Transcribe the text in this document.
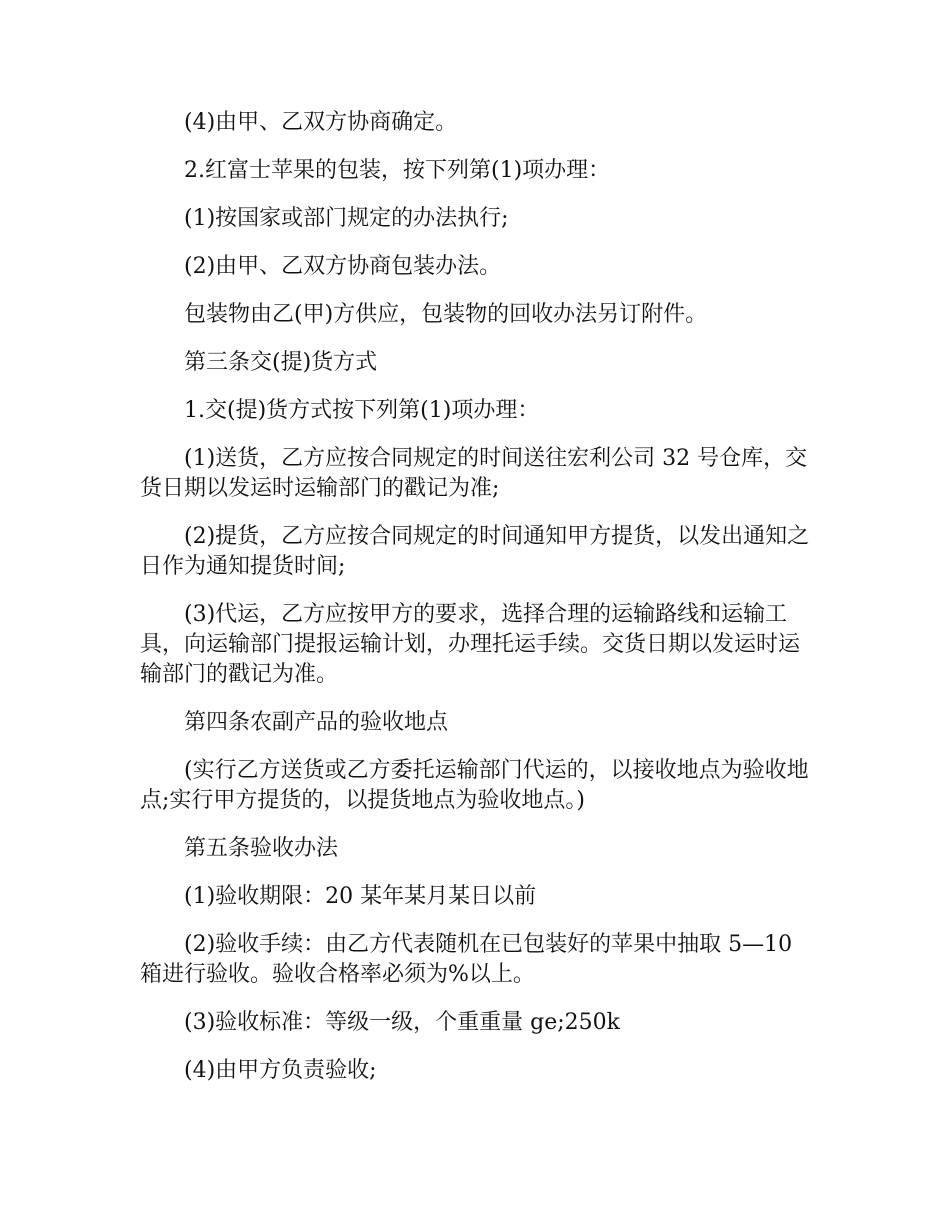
(4)由甲、乙双方协商确定。

2.红富士苹果的包装，按下列第(1)项办理：

(1)按国家或部门规定的办法执行;

(2)由甲、乙双方协商包装办法。

包装物由乙(甲)方供应，包装物的回收办法另订附件。

第三条交(提)货方式

1.交(提)货方式按下列第(1)项办理：

(1)送货，乙方应按合同规定的时间送往宏利公司 32 号仓库，交货日期以发运时运输部门的戳记为准;

(2)提货，乙方应按合同规定的时间通知甲方提货，以发出通知之日作为通知提货时间;

(3)代运，乙方应按甲方的要求，选择合理的运输路线和运输工具，向运输部门提报运输计划，办理托运手续。交货日期以发运时运输部门的戳记为准。

第四条农副产品的验收地点

(实行乙方送货或乙方委托运输部门代运的，以接收地点为验收地点;实行甲方提货的，以提货地点为验收地点。)

第五条验收办法

(1)验收期限：20 某年某月某日以前

(2)验收手续：由乙方代表随机在已包装好的苹果中抽取 5—10 箱进行验收。验收合格率必须为%以上。

(3)验收标准：等级一级，个重重量 ge;250k

(4)由甲方负责验收;
